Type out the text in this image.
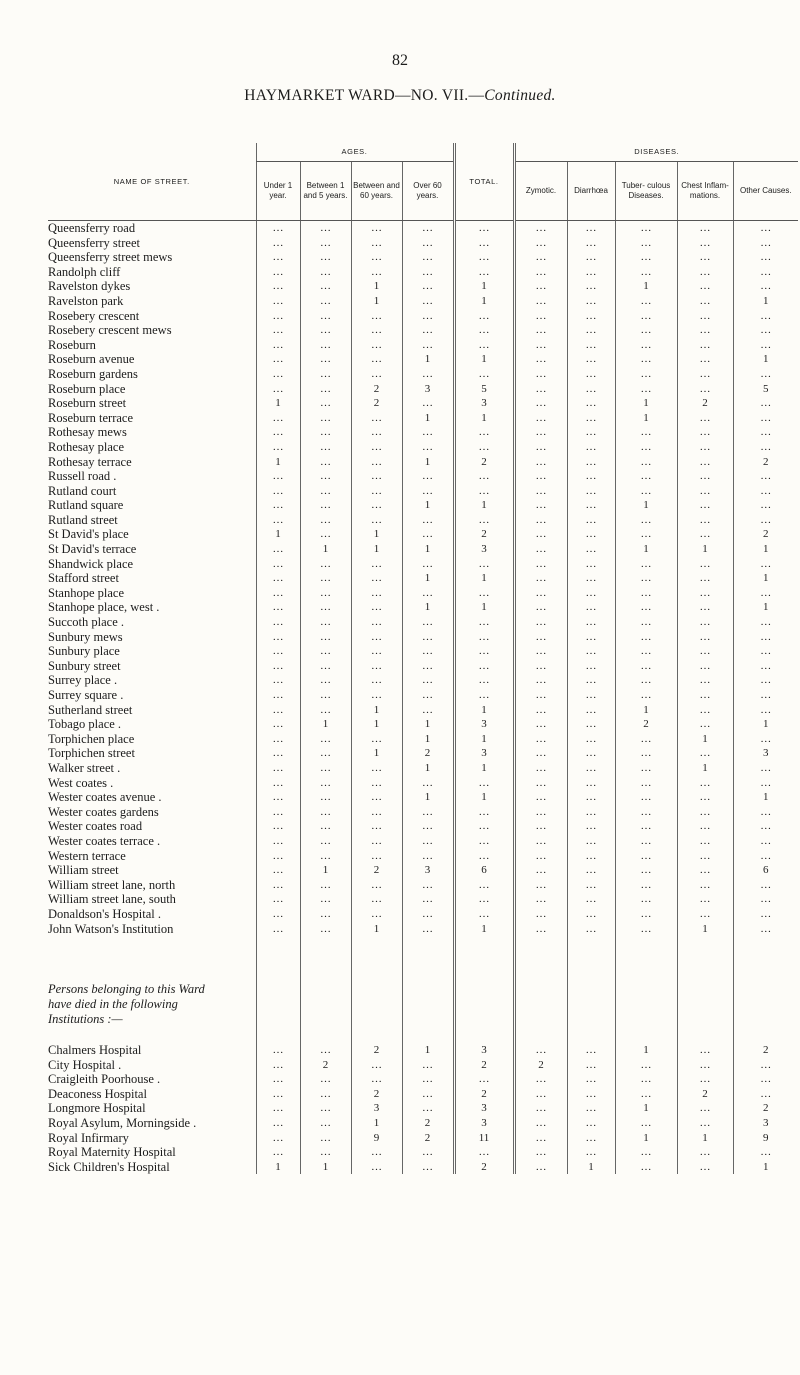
82
HAYMARKET WARD—NO. VII.—Continued.
NAME OF STREET.	AGES.				TOTAL.	DISEASES.				
	Under 1 year.	Between 1 and 5 years.	Between and 60 years.	Over 60 years.		Zymotic.	Diarrhœa	Tuber- culous Diseases.	Chest Inflam- mations.	Other Causes.
Queensferry road	…	…	…	…	…	…	…	…	…	…
Queensferry street	…	…	…	…	…	…	…	…	…	…
Queensferry street mews	…	…	…	…	…	…	…	…	…	…
Randolph cliff	…	…	…	…	…	…	…	…	…	…
Ravelston dykes	…	…	1	…	1	…	…	1	…	…
Ravelston park	…	…	1	…	1	…	…	…	…	1
Rosebery crescent	…	…	…	…	…	…	…	…	…	…
Rosebery crescent mews	…	…	…	…	…	…	…	…	…	…
Roseburn	…	…	…	…	…	…	…	…	…	…
Roseburn avenue	…	…	…	1	1	…	…	…	…	1
Roseburn gardens	…	…	…	…	…	…	…	…	…	…
Roseburn place	…	…	2	3	5	…	…	…	…	5
Roseburn street	1	…	2	…	3	…	…	1	2	…
Roseburn terrace	…	…	…	1	1	…	…	1	…	…
Rothesay mews	…	…	…	…	…	…	…	…	…	…
Rothesay place	…	…	…	…	…	…	…	…	…	…
Rothesay terrace	1	…	…	1	2	…	…	…	…	2
Russell road .	…	…	…	…	…	…	…	…	…	…
Rutland court	…	…	…	…	…	…	…	…	…	…
Rutland square	…	…	…	1	1	…	…	1	…	…
Rutland street	…	…	…	…	…	…	…	…	…	…
St David's place	1	…	1	…	2	…	…	…	…	2
St David's terrace	…	1	1	1	3	…	…	1	1	1
Shandwick place	…	…	…	…	…	…	…	…	…	…
Stafford street	…	…	…	1	1	…	…	…	…	1
Stanhope place	…	…	…	…	…	…	…	…	…	…
Stanhope place, west .	…	…	…	1	1	…	…	…	…	1
Succoth place .	…	…	…	…	…	…	…	…	…	…
Sunbury mews	…	…	…	…	…	…	…	…	…	…
Sunbury place	…	…	…	…	…	…	…	…	…	…
Sunbury street	…	…	…	…	…	…	…	…	…	…
Surrey place .	…	…	…	…	…	…	…	…	…	…
Surrey square .	…	…	…	…	…	…	…	…	…	…
Sutherland street	…	…	1	…	1	…	…	1	…	…
Tobago place .	…	1	1	1	3	…	…	2	…	1
Torphichen place	…	…	…	1	1	…	…	…	1	…
Torphichen street	…	…	1	2	3	…	…	…	…	3
Walker street .	…	…	…	1	1	…	…	…	1	…
West coates .	…	…	…	…	…	…	…	…	…	…
Wester coates avenue .	…	…	…	1	1	…	…	…	…	1
Wester coates gardens	…	…	…	…	…	…	…	…	…	…
Wester coates road	…	…	…	…	…	…	…	…	…	…
Wester coates terrace .	…	…	…	…	…	…	…	…	…	…
Western terrace	…	…	…	…	…	…	…	…	…	…
William street	…	1	2	3	6	…	…	…	…	6
William street lane, north	…	…	…	…	…	…	…	…	…	…
William street lane, south	…	…	…	…	…	…	…	…	…	…
Donaldson's Hospital .	…	…	…	…	…	…	…	…	…	…
John Watson's Institution	…	…	1	…	1	…	…	…	1	…

Persons belonging to this Ward										
have died in the following										
Institutions :—										

Chalmers Hospital	…	…	2	1	3	…	…	1	…	2
City Hospital .	…	2	…	…	2	2	…	…	…	…
Craigleith Poorhouse .	…	…	…	…	…	…	…	…	…	…
Deaconess Hospital	…	…	2	…	2	…	…	…	2	…
Longmore Hospital	…	…	3	…	3	…	…	1	…	2
Royal Asylum, Morningside .	…	…	1	2	3	…	…	…	…	3
Royal Infirmary	…	…	9	2	11	…	…	1	1	9
Royal Maternity Hospital	…	…	…	…	…	…	…	…	…	…
Sick Children's Hospital	1	1	…	…	2	…	1	…	…	1
